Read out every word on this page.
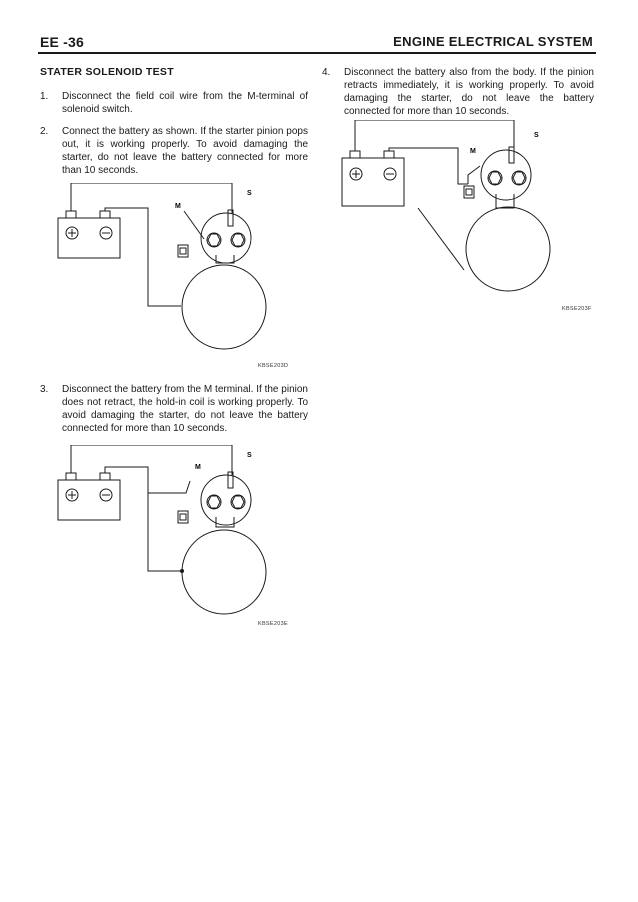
EE -36	ENGINE ELECTRICAL SYSTEM
STATER SOLENOID TEST
1. Disconnect the field coil wire from the M-terminal of solenoid switch.
2. Connect the battery as shown. If the starter pinion pops out, it is working properly. To avoid damaging the starter, do not leave the battery connected for more than 10 seconds.
3. Disconnect the battery from the M terminal. If the pinion does not retract, the hold-in coil is working properly. To avoid damaging the starter, do not leave the battery connected for more than 10 seconds.
4. Disconnect the battery also from the body. If the pinion retracts immediately, it is working properly. To avoid damaging the starter, do not leave the battery connected for more than 10 seconds.
M
S
KBSE203D
M
S
KBSE203E
M
S
KBSE203F
